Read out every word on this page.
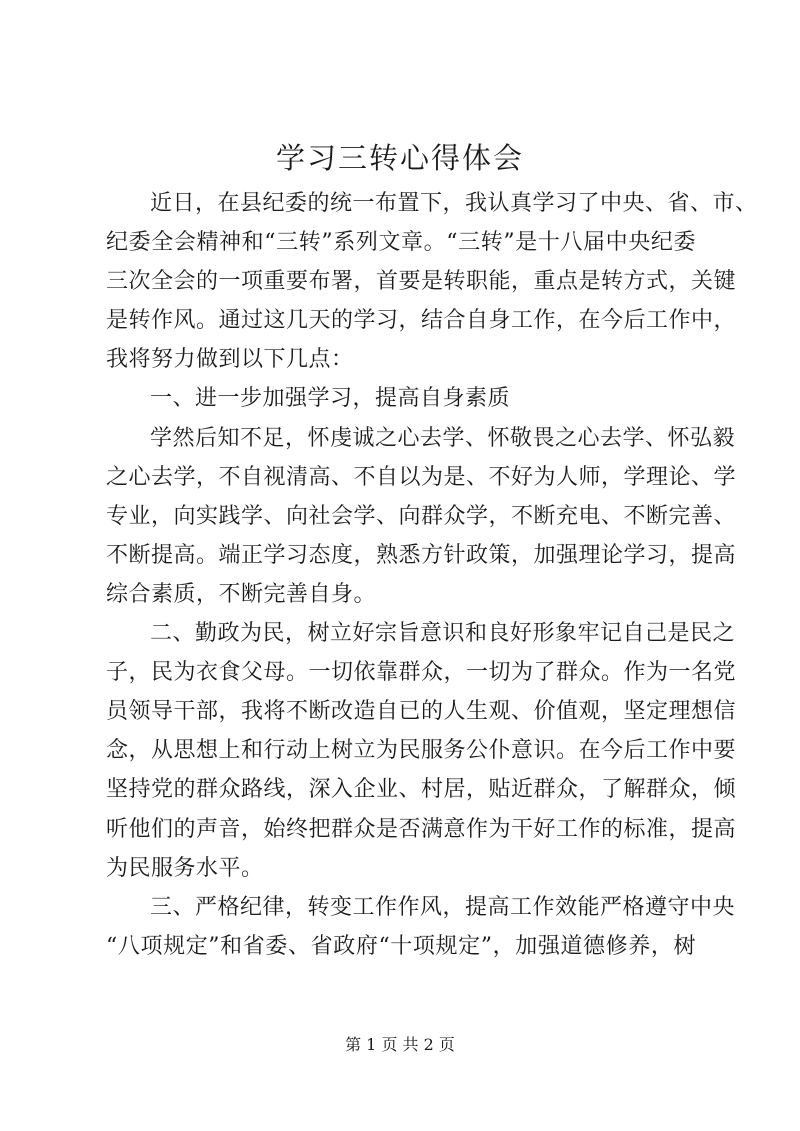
学习三转心得体会
近日，在县纪委的统一布置下，我认真学习了中央、省、市、
纪委全会精神和“三转”系列文章。“三转”是十八届中央纪委
三次全会的一项重要布署，首要是转职能，重点是转方式，关键
是转作风。通过这几天的学习，结合自身工作，在今后工作中，
我将努力做到以下几点：
一、进一步加强学习，提高自身素质
学然后知不足，怀虔诚之心去学、怀敬畏之心去学、怀弘毅
之心去学，不自视清高、不自以为是、不好为人师，学理论、学
专业，向实践学、向社会学、向群众学，不断充电、不断完善、
不断提高。端正学习态度，熟悉方针政策，加强理论学习，提高
综合素质，不断完善自身。
二、勤政为民，树立好宗旨意识和良好形象牢记自己是民之
子，民为衣食父母。一切依靠群众，一切为了群众。作为一名党
员领导干部，我将不断改造自已的人生观、价值观，坚定理想信
念，从思想上和行动上树立为民服务公仆意识。在今后工作中要
坚持党的群众路线，深入企业、村居，贴近群众，了解群众，倾
听他们的声音，始终把群众是否满意作为干好工作的标准，提高
为民服务水平。
三、严格纪律，转变工作作风，提高工作效能严格遵守中央
“八项规定”和省委、省政府“十项规定”，加强道德修养，树
第 1 页 共 2 页
